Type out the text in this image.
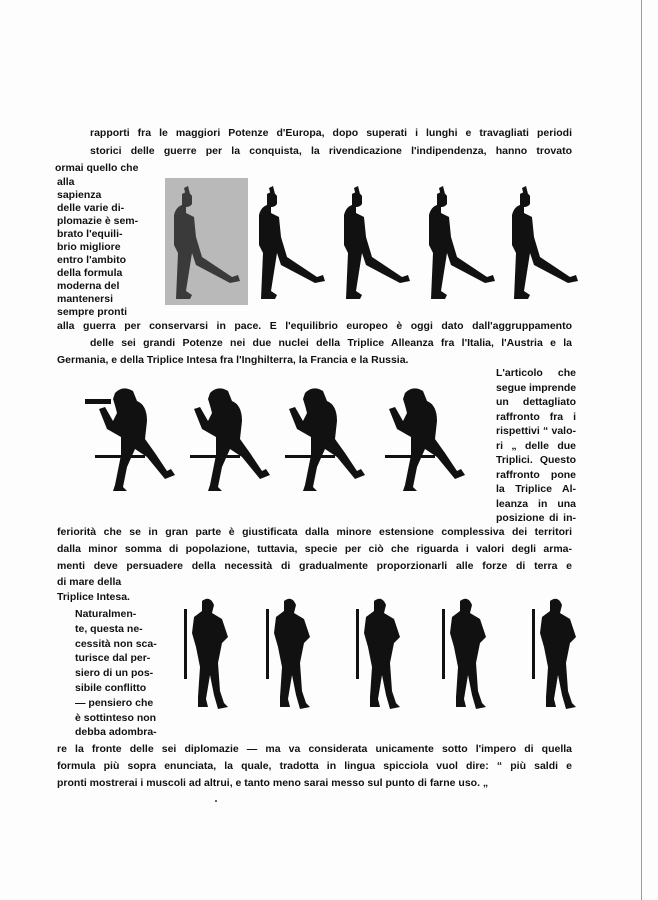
rapporti fra le maggiori Potenze d'Europa, dopo superati i lunghi e travagliati periodi
storici delle guerre per la conquista, la rivendicazione l'indipendenza, hanno trovato
ormai quello che
alla
sapienza
delle varie di-
plomazie è sem-
brato l'equili-
brio migliore
entro l'ambito
della formula
moderna del
mantenersi
sempre pronti
alla guerra per conservarsi in pace. E l'equilibrio europeo è oggi dato dall'aggruppamento
delle sei grandi Potenze nei due nuclei della Triplice Alleanza fra l'Italia, l'Austria e la
Germania, e della Triplice Intesa fra l'Inghilterra, la Francia e la Russia.
L'articolo che
segue imprende
un dettagliato
raffronto fra i
rispettivi “ valo-
ri „ delle due
Triplici. Questo
raffronto pone
la Triplice Al-
leanza in una
posizione di in-
feriorità che se in gran parte è giustificata dalla minore estensione complessiva dei territori
dalla minor somma di popolazione, tuttavia, specie per ciò che riguarda i valori degli arma-
menti deve persuadere della necessità di gradualmente proporzionarli alle forze di terra e
di mare della
Triplice Intesa.
Naturalmen-
te, questa ne-
cessità non sca-
turisce dal per-
siero di un pos-
sibile conflitto
— pensiero che
è sottinteso non
debba adombra-
re la fronte delle sei diplomazie — ma va considerata unicamente sotto l'impero di quella
formula più sopra enunciata, la quale, tradotta in lingua spicciola vuol dire: “ più saldi e
pronti mostrerai i muscoli ad altrui, e tanto meno sarai messo sul punto di farne uso. „
